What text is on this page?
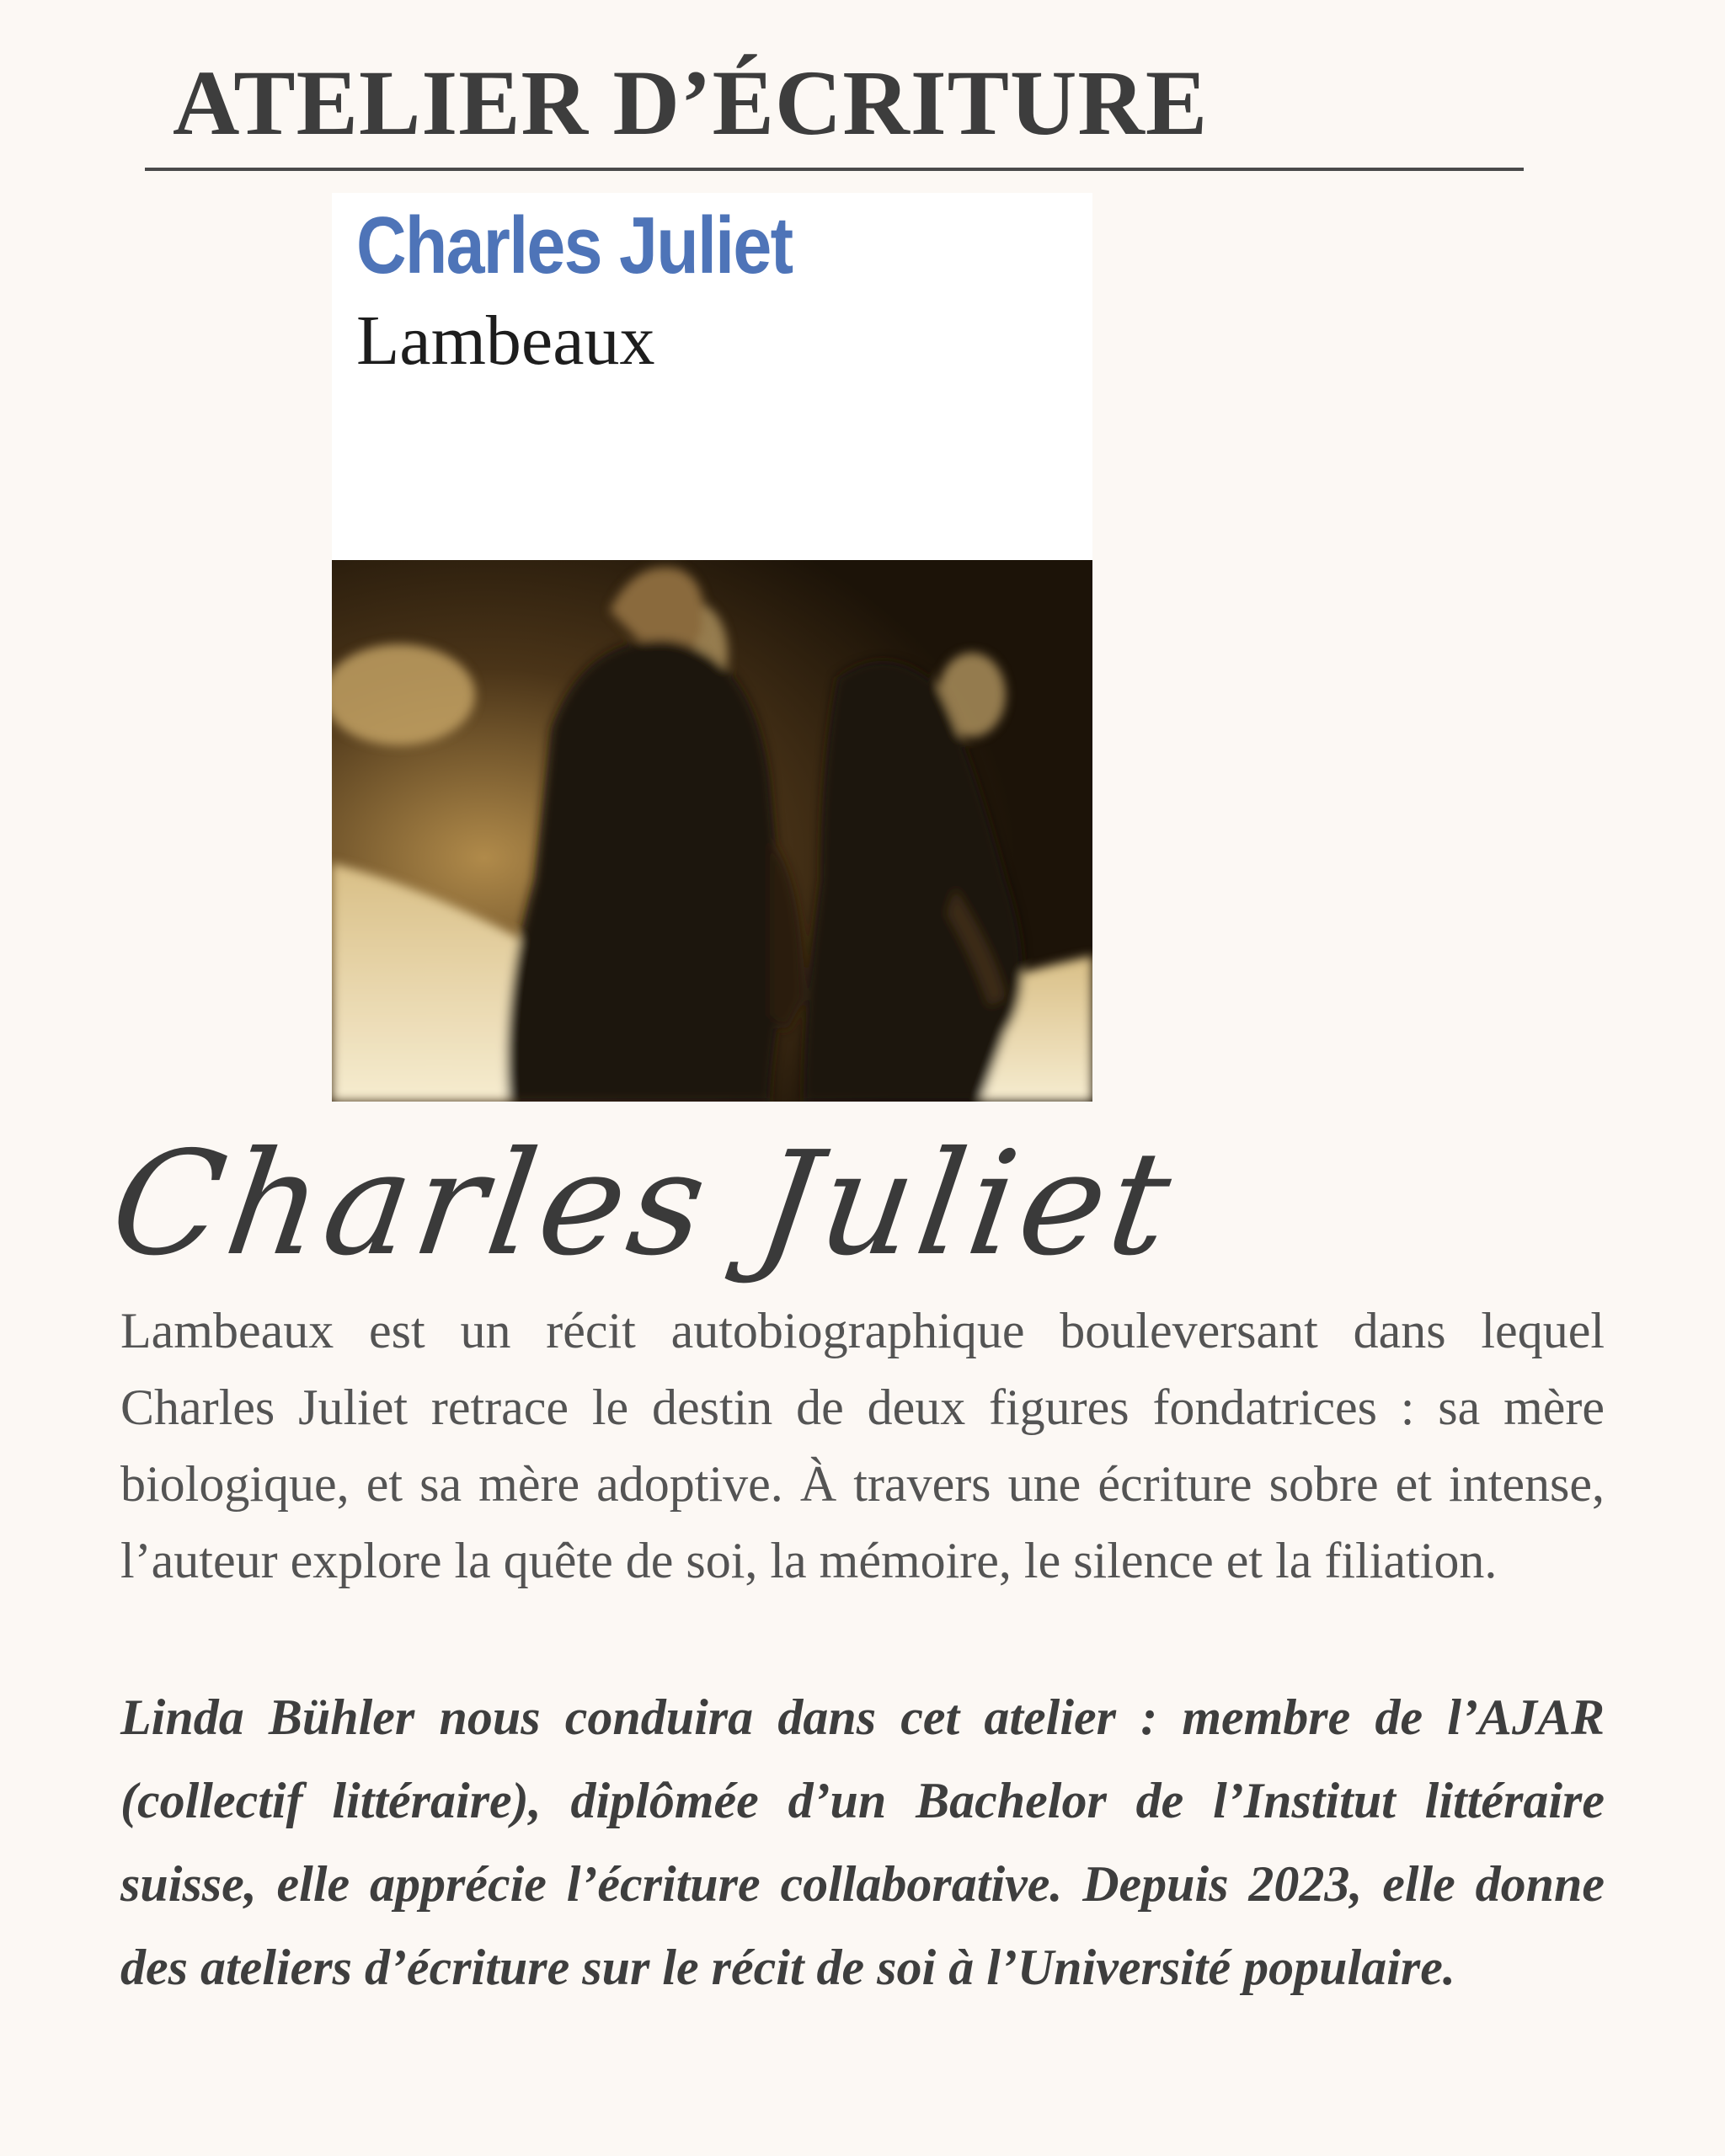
ATELIER D’ÉCRITURE
Charles Juliet
Lambeaux
Charles Juliet

Lambeaux est un récit autobiographique bouleversant dans lequel Charles Juliet retrace le destin de deux figures fondatrices : sa mère biologique, et sa mère adoptive. À travers une écriture sobre et intense, l’auteur explore la quête de soi, la mémoire, le silence et la filiation.

Linda Bühler nous conduira dans cet atelier : membre de l’AJAR (collectif littéraire), diplômée d’un Bachelor de l’Institut littéraire suisse, elle apprécie l’écriture collaborative. Depuis 2023, elle donne des ateliers d’écriture sur le récit de soi à l’Université populaire.
